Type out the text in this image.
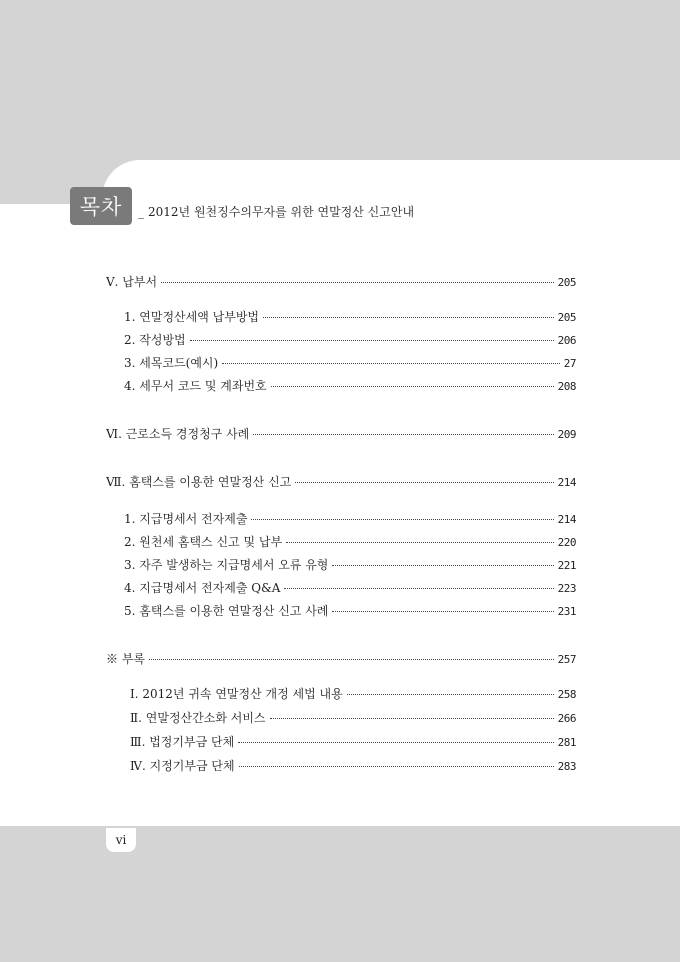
목차	_ 2012년 원천징수의무자를 위한 연말정산 신고안내
Ⅴ. 납부서	205
1. 연말정산세액 납부방법	205
2. 작성방법	206
3. 세목코드(예시)	27
4. 세무서 코드 및 계좌번호	208
Ⅵ. 근로소득 경정청구 사례	209
Ⅶ. 홈택스를 이용한 연말정산 신고	214
1. 지급명세서 전자제출	214
2. 원천세 홈택스 신고 및 납부	220
3. 자주 발생하는 지급명세서 오류 유형	221
4. 지급명세서 전자제출 Q&A	223
5. 홈택스를 이용한 연말정산 신고 사례	231
※ 부록	257
Ⅰ. 2012년 귀속 연말정산 개정 세법 내용	258
Ⅱ. 연말정산간소화 서비스	266
Ⅲ. 법정기부금 단체	281
Ⅳ. 지정기부금 단체	283
vi
